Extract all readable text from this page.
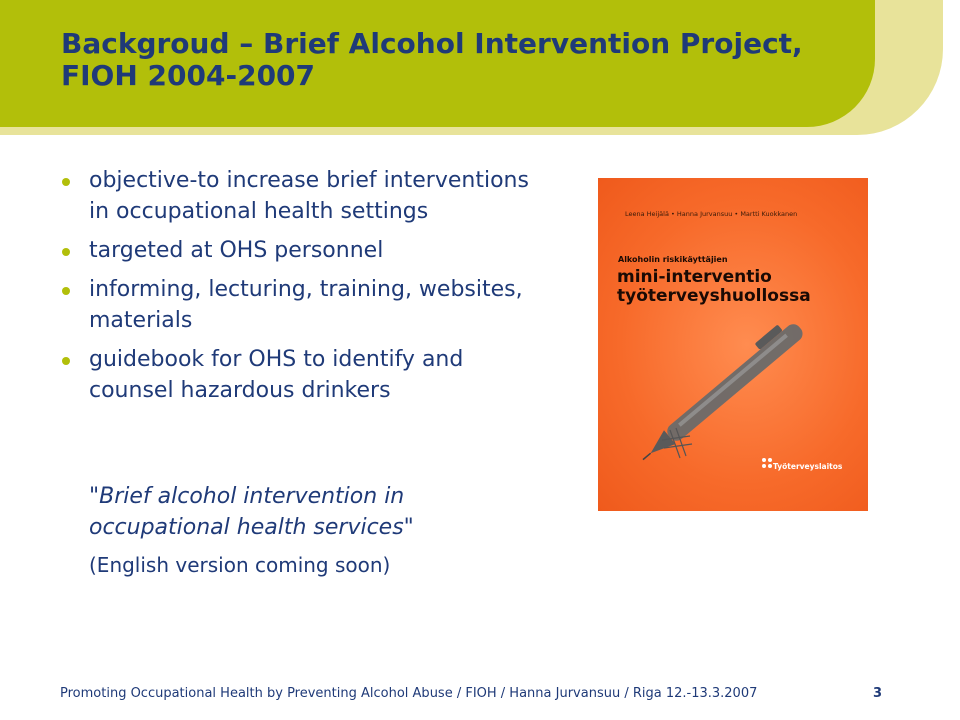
Backgroud – Brief Alcohol Intervention Project, FIOH 2004-2007
objective-to increase brief interventions in occupational health settings
targeted at OHS personnel
informing, lecturing, training, websites, materials
guidebook for OHS to identify and counsel hazardous drinkers
"Brief alcohol intervention in occupational health services"
(English version coming soon)
Leena Heijälä • Hanna Jurvansuu • Martti Kuokkanen
Alkoholin riskikäyttäjien
mini-interventio
työterveyshuollossa
Työterveyslaitos
Promoting Occupational Health by Preventing Alcohol Abuse / FIOH / Hanna Jurvansuu / Riga 12.-13.3.2007	3
